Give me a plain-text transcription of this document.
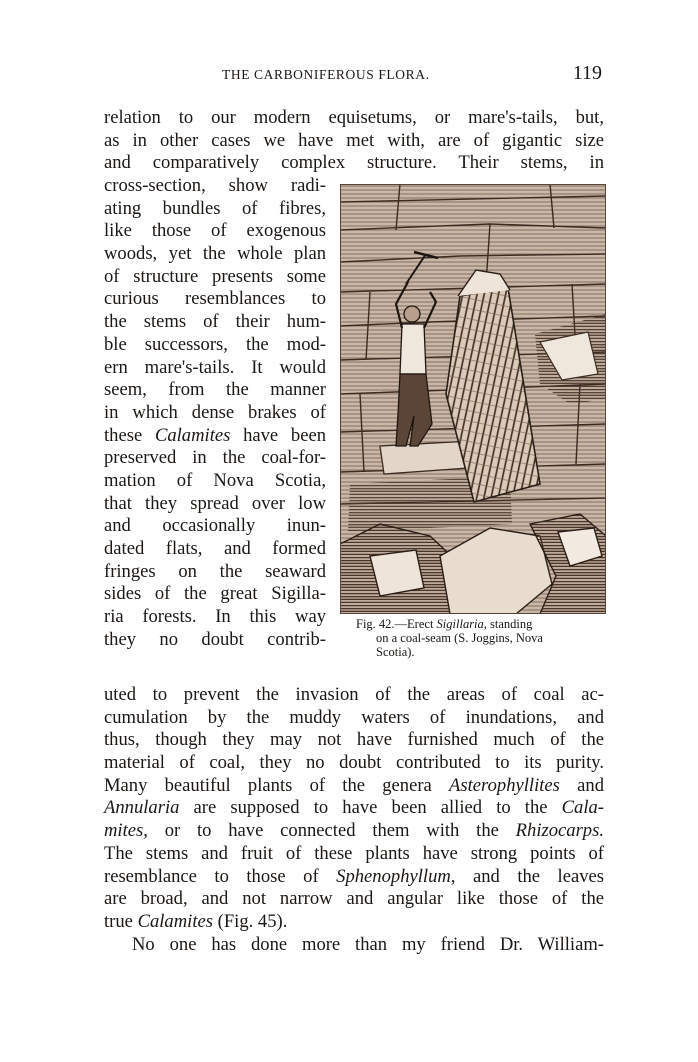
THE CARBONIFEROUS FLORA.	119
relation to our modern equisetums, or mare's-tails, but,
as in other cases we have met with, are of gigantic size
and comparatively complex structure. Their stems, in
cross-section, show radi-
ating bundles of fibres,
like those of exogenous
woods, yet the whole plan
of structure presents some
curious resemblances to
the stems of their hum-
ble successors, the mod-
ern mare's-tails. It would
seem, from the manner
in which dense brakes of
these Calamites have been
preserved in the coal-for-
mation of Nova Scotia,
that they spread over low
and occasionally inun-
dated flats, and formed
fringes on the seaward
sides of the great Sigilla-
ria forests. In this way
they no doubt contrib-
Fig. 42.—Erect Sigillaria, standing
on a coal-seam (S. Joggins, Nova
Scotia).
uted to prevent the invasion of the areas of coal ac-
cumulation by the muddy waters of inundations, and
thus, though they may not have furnished much of the
material of coal, they no doubt contributed to its purity.
Many beautiful plants of the genera Asterophyllites and
Annularia are supposed to have been allied to the Cala-
mites, or to have connected them with the Rhizocarps.
The stems and fruit of these plants have strong points of
resemblance to those of Sphenophyllum, and the leaves
are broad, and not narrow and angular like those of the
true Calamites (Fig. 45).
No one has done more than my friend Dr. William-
